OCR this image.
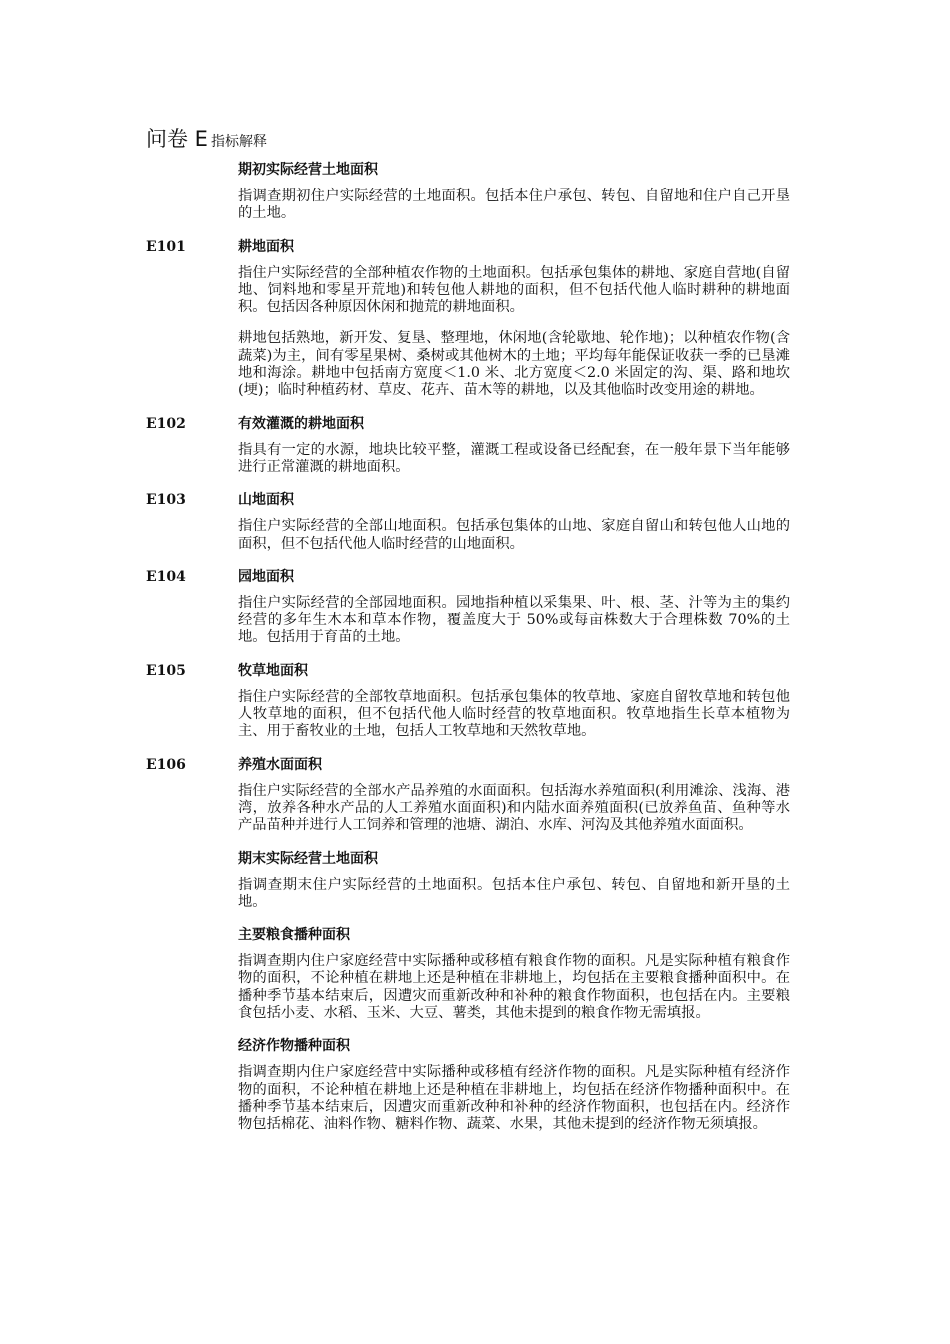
问卷 E 指标解释
期初实际经营土地面积
指调查期初住户实际经营的土地面积。包括本住户承包、转包、自留地和住户自己开垦的土地。
E101	耕地面积
指住户实际经营的全部种植农作物的土地面积。包括承包集体的耕地、家庭自营地(自留地、饲料地和零星开荒地)和转包他人耕地的面积，但不包括代他人临时耕种的耕地面积。包括因各种原因休闲和抛荒的耕地面积。
耕地包括熟地，新开发、复垦、整理地，休闲地(含轮歇地、轮作地)；以种植农作物(含蔬菜)为主，间有零星果树、桑树或其他树木的土地；平均每年能保证收获一季的已垦滩地和海涂。耕地中包括南方宽度＜1.0 米、北方宽度＜2.0 米固定的沟、渠、路和地坎(埂)；临时种植药材、草皮、花卉、苗木等的耕地，以及其他临时改变用途的耕地。
E102	有效灌溉的耕地面积
指具有一定的水源，地块比较平整，灌溉工程或设备已经配套，在一般年景下当年能够进行正常灌溉的耕地面积。
E103	山地面积
指住户实际经营的全部山地面积。包括承包集体的山地、家庭自留山和转包他人山地的面积，但不包括代他人临时经营的山地面积。
E104	园地面积
指住户实际经营的全部园地面积。园地指种植以采集果、叶、根、茎、汁等为主的集约经营的多年生木本和草本作物，覆盖度大于 50%或每亩株数大于合理株数 70%的土地。包括用于育苗的土地。
E105	牧草地面积
指住户实际经营的全部牧草地面积。包括承包集体的牧草地、家庭自留牧草地和转包他人牧草地的面积，但不包括代他人临时经营的牧草地面积。牧草地指生长草本植物为主、用于畜牧业的土地，包括人工牧草地和天然牧草地。
E106	养殖水面面积
指住户实际经营的全部水产品养殖的水面面积。包括海水养殖面积(利用滩涂、浅海、港湾，放养各种水产品的人工养殖水面面积)和内陆水面养殖面积(已放养鱼苗、鱼种等水产品苗种并进行人工饲养和管理的池塘、湖泊、水库、河沟及其他养殖水面面积。
期末实际经营土地面积
指调查期末住户实际经营的土地面积。包括本住户承包、转包、自留地和新开垦的土地。
主要粮食播种面积
指调查期内住户家庭经营中实际播种或移植有粮食作物的面积。凡是实际种植有粮食作物的面积，不论种植在耕地上还是种植在非耕地上，均包括在主要粮食播种面积中。在播种季节基本结束后，因遭灾而重新改种和补种的粮食作物面积，也包括在内。主要粮食包括小麦、水稻、玉米、大豆、薯类，其他未提到的粮食作物无需填报。
经济作物播种面积
指调查期内住户家庭经营中实际播种或移植有经济作物的面积。凡是实际种植有经济作物的面积，不论种植在耕地上还是种植在非耕地上，均包括在经济作物播种面积中。在播种季节基本结束后，因遭灾而重新改种和补种的经济作物面积，也包括在内。经济作物包括棉花、油料作物、糖料作物、蔬菜、水果，其他未提到的经济作物无须填报。
